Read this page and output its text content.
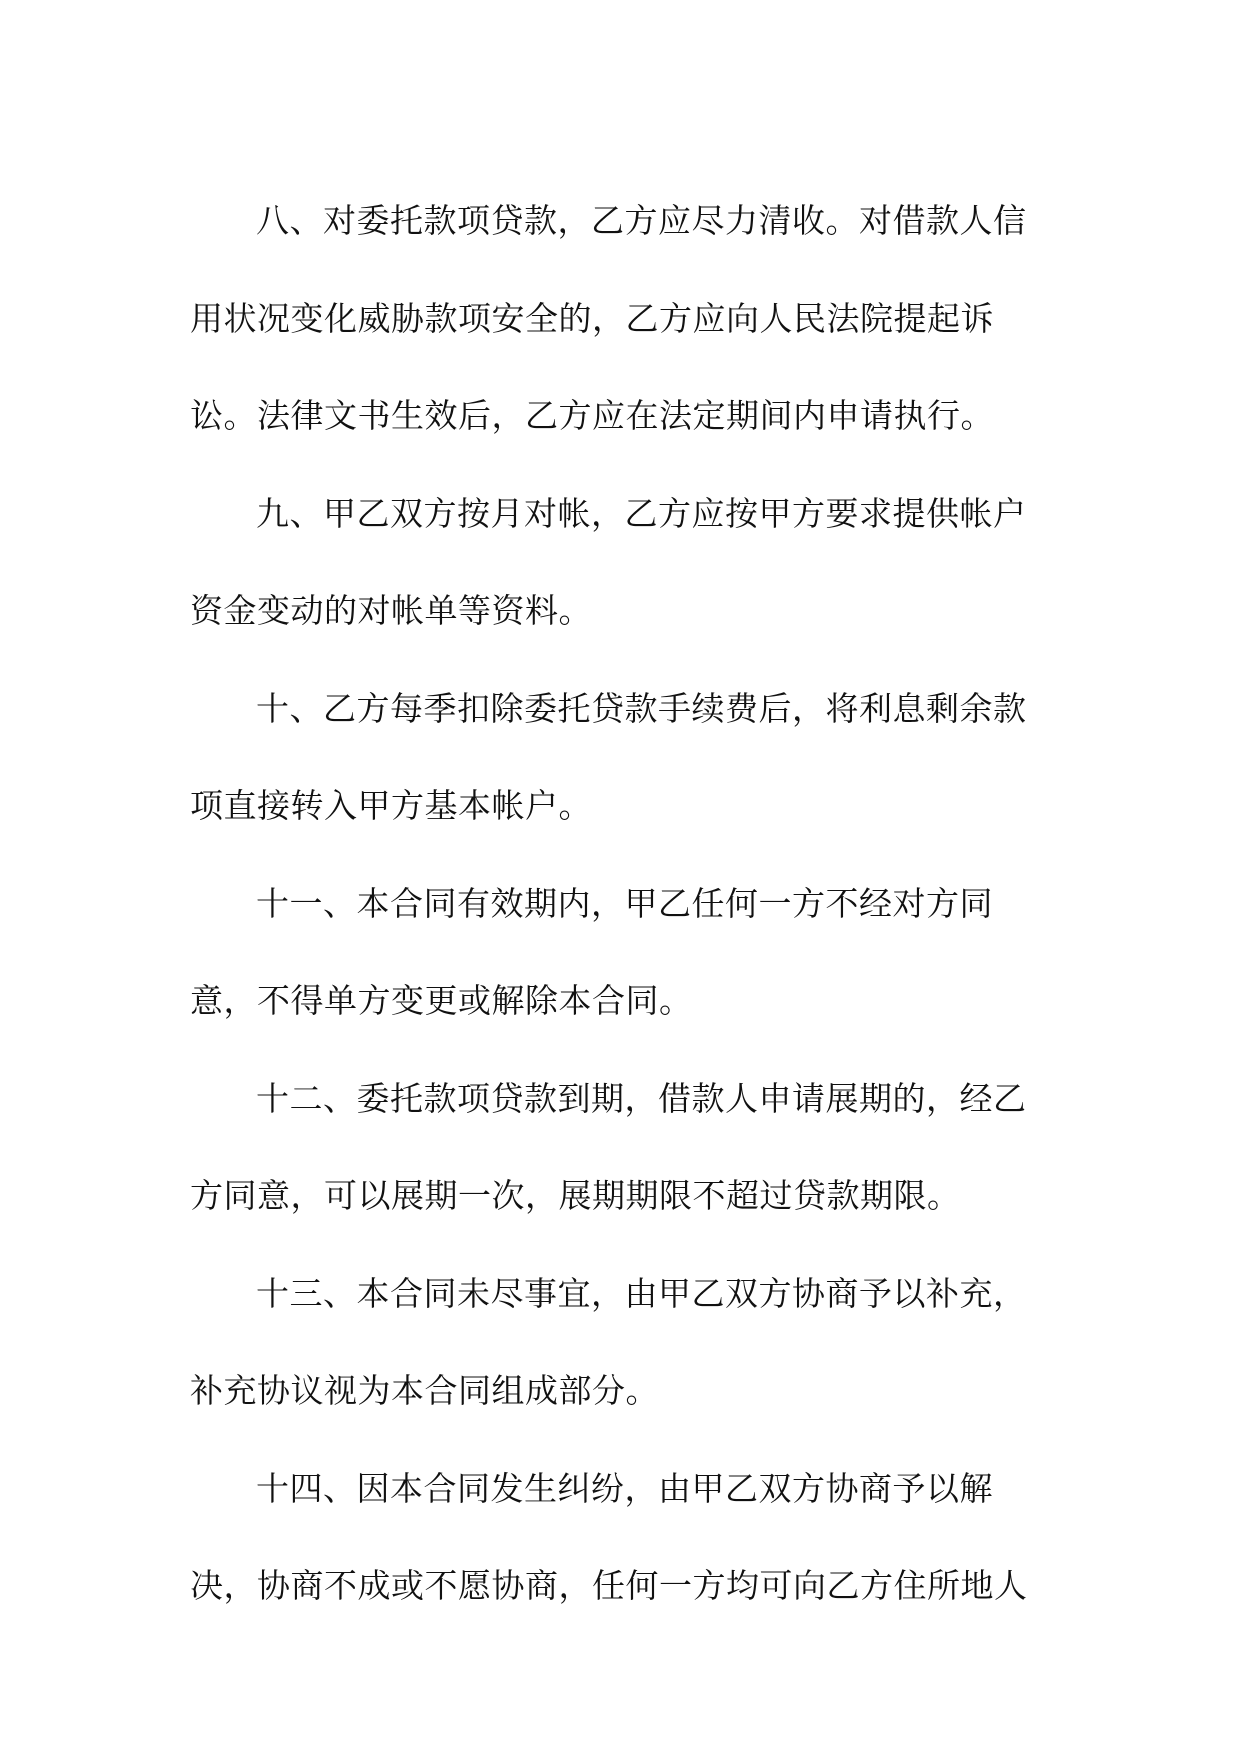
八、对委托款项贷款，乙方应尽力清收。对借款人信
用状况变化威胁款项安全的，乙方应向人民法院提起诉
讼。法律文书生效后，乙方应在法定期间内申请执行。
九、甲乙双方按月对帐，乙方应按甲方要求提供帐户
资金变动的对帐单等资料。
十、乙方每季扣除委托贷款手续费后，将利息剩余款
项直接转入甲方基本帐户。
十一、本合同有效期内，甲乙任何一方不经对方同
意，不得单方变更或解除本合同。
十二、委托款项贷款到期，借款人申请展期的，经乙
方同意，可以展期一次，展期期限不超过贷款期限。
十三、本合同未尽事宜，由甲乙双方协商予以补充，
补充协议视为本合同组成部分。
十四、因本合同发生纠纷，由甲乙双方协商予以解
决，协商不成或不愿协商，任何一方均可向乙方住所地人
